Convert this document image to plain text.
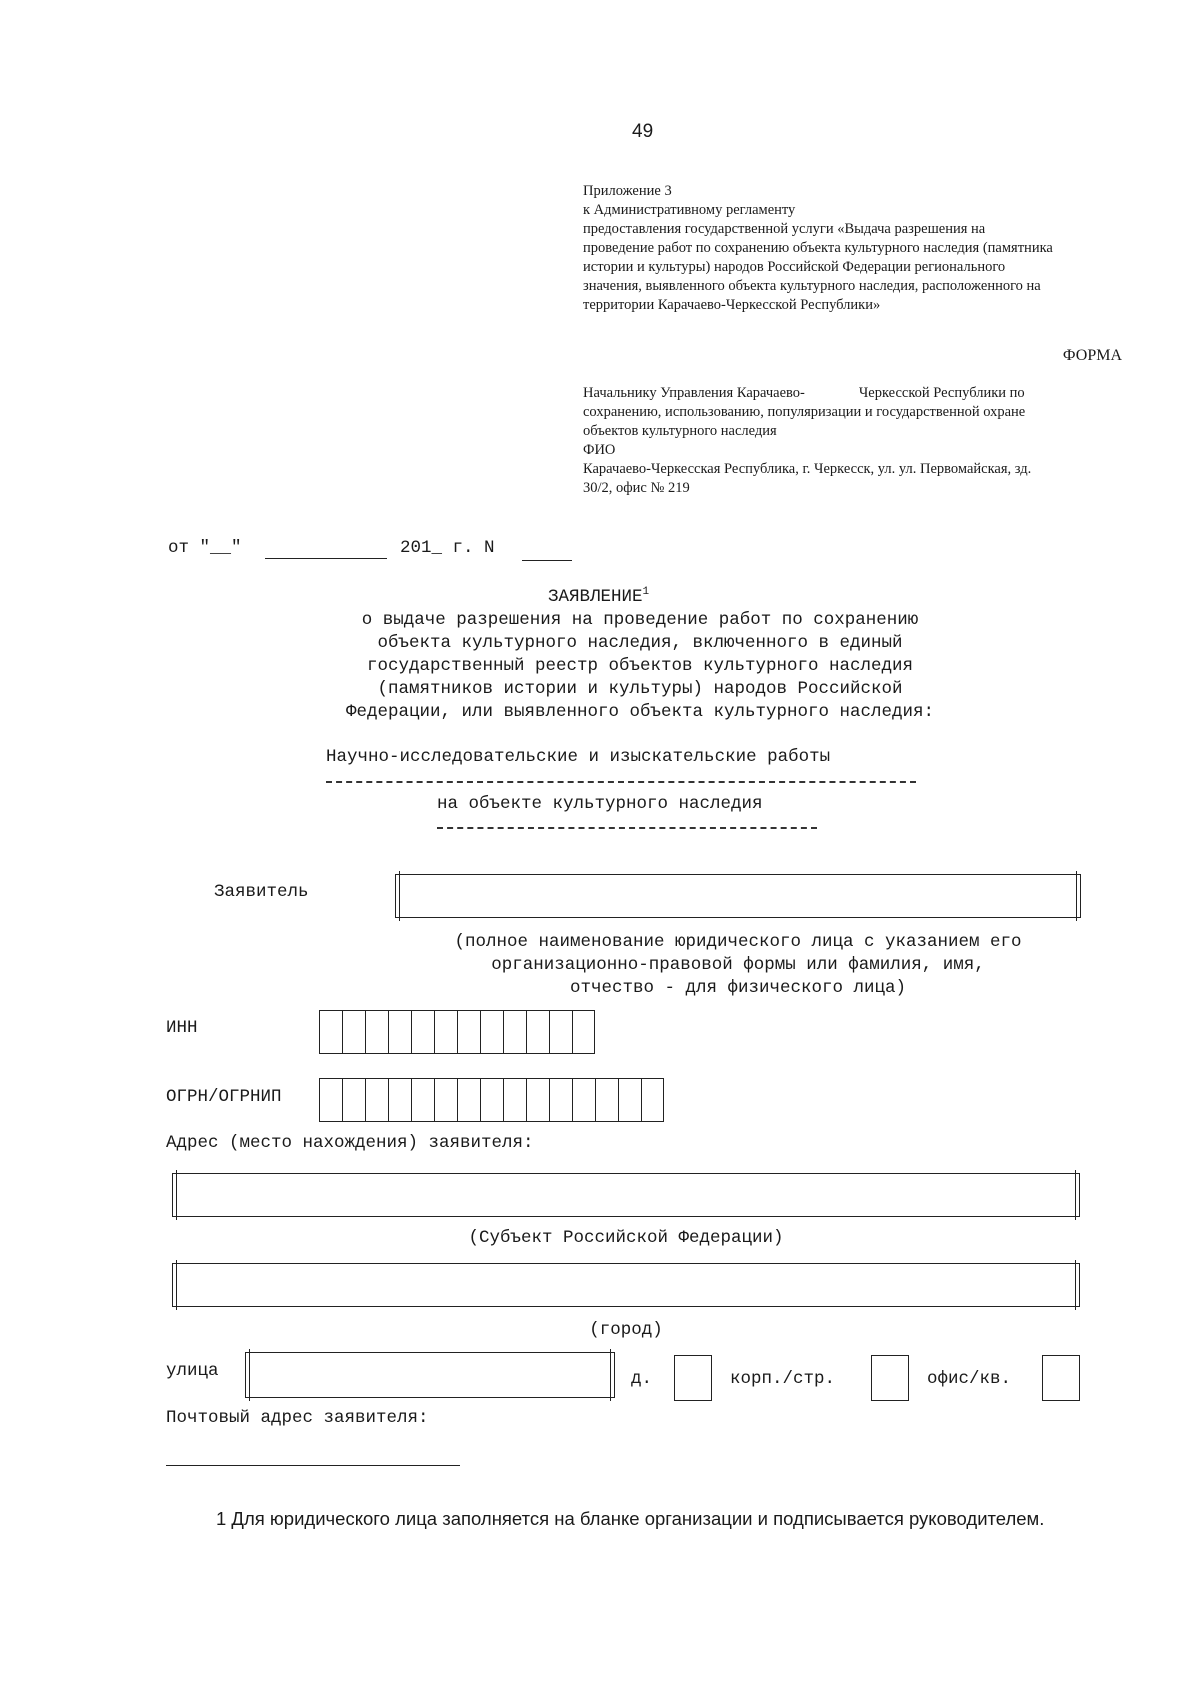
49
Приложение 3
к Административному регламенту
предоставления государственной услуги «Выдача разрешения на
проведение работ по сохранению объекта культурного наследия (памятника
истории и культуры) народов Российской Федерации регионального
значения, выявленного объекта культурного наследия, расположенного на
территории Карачаево-Черкесской Республики»
ФОРМА
Начальнику Управления Карачаево-	Черкесской Республики по
сохранению, использованию, популяризации и государственной охране
объектов культурного наследия
ФИО
Карачаево-Черкесская Республика, г. Черкесск, ул. ул. Первомайская, зд.
30/2, офис № 219
от "__"	201_ г. N
ЗАЯВЛЕНИЕ$^1$
о выдаче разрешения на проведение работ по сохранению
объекта культурного наследия, включенного в единый
государственный реестр объектов культурного наследия
(памятников истории и культуры) народов Российской
Федерации, или выявленного объекта культурного наследия:
Научно-исследовательские и изыскательские работы
на объекте культурного наследия
Заявитель
(полное наименование юридического лица с указанием его
организационно-правовой формы или фамилия, имя,
отчество - для физического лица)
ИНН
ОГРН/ОГРНИП
Адрес (место нахождения) заявителя:
(Субъект Российской Федерации)
(город)
улица	д.	корп./стр.	офис/кв.
Почтовый адрес заявителя:
1 Для юридического лица заполняется на бланке организации и подписывается руководителем.
